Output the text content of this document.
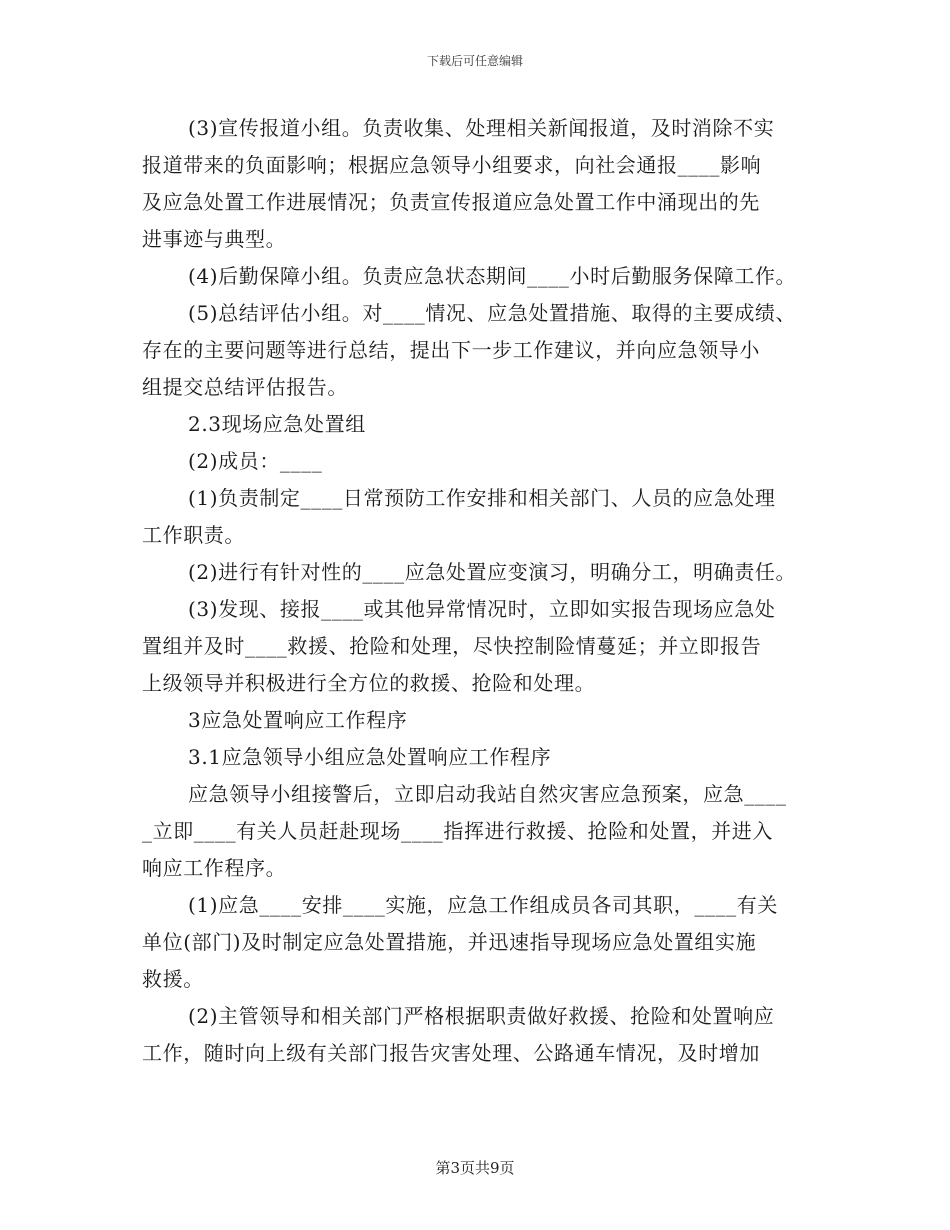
下载后可任意编辑
(3)宣传报道小组。负责收集、处理相关新闻报道，及时消除不实
报道带来的负面影响；根据应急领导小组要求，向社会通报____影响
及应急处置工作进展情况；负责宣传报道应急处置工作中涌现出的先
进事迹与典型。
(4)后勤保障小组。负责应急状态期间____小时后勤服务保障工作。
(5)总结评估小组。对____情况、应急处置措施、取得的主要成绩、
存在的主要问题等进行总结，提出下一步工作建议，并向应急领导小
组提交总结评估报告。
2.3现场应急处置组
(2)成员：____
(1)负责制定____日常预防工作安排和相关部门、人员的应急处理
工作职责。
(2)进行有针对性的____应急处置应变演习，明确分工，明确责任。
(3)发现、接报____或其他异常情况时，立即如实报告现场应急处
置组并及时____救援、抢险和处理，尽快控制险情蔓延；并立即报告
上级领导并积极进行全方位的救援、抢险和处理。
3应急处置响应工作程序
3.1应急领导小组应急处置响应工作程序
应急领导小组接警后，立即启动我站自然灾害应急预案，应急____
_立即____有关人员赶赴现场____指挥进行救援、抢险和处置，并进入
响应工作程序。
(1)应急____安排____实施，应急工作组成员各司其职，____有关
单位(部门)及时制定应急处置措施，并迅速指导现场应急处置组实施
救援。
(2)主管领导和相关部门严格根据职责做好救援、抢险和处置响应
工作，随时向上级有关部门报告灾害处理、公路通车情况，及时增加
第3页共9页
